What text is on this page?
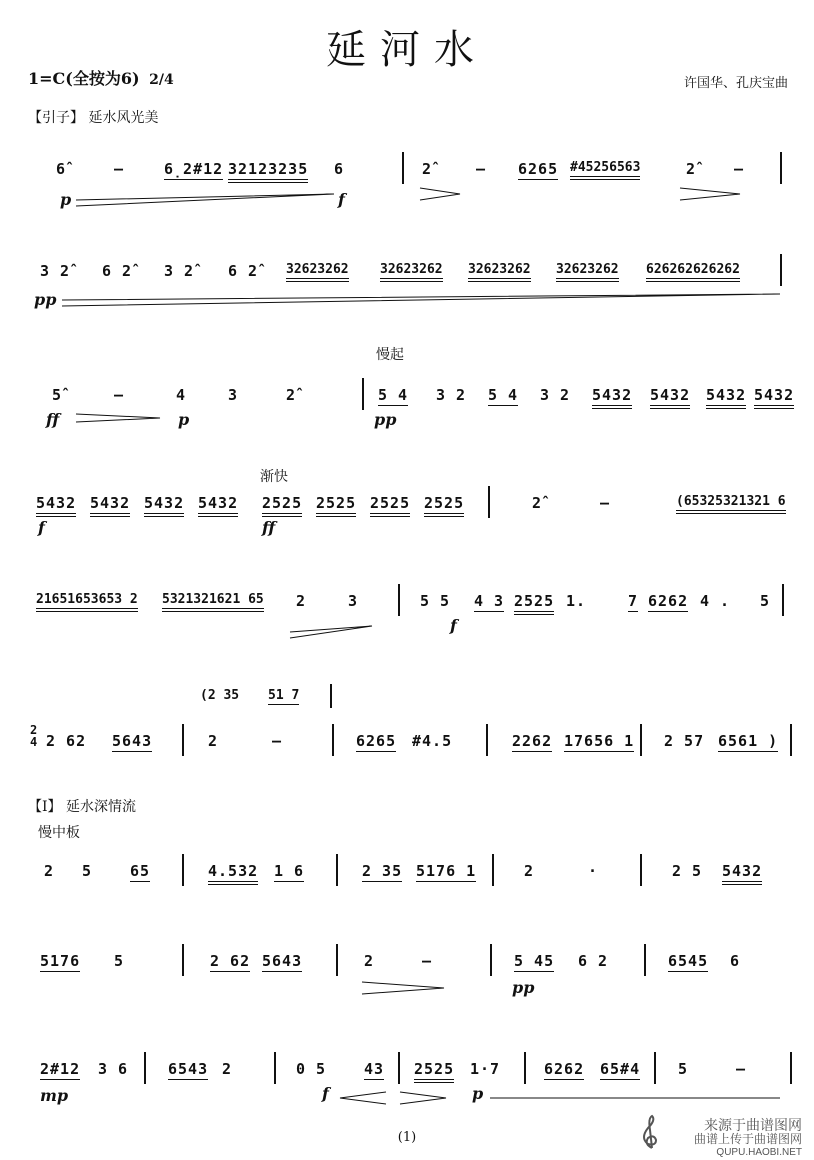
延河水
1=C(全按为6) 2/4	许国华、孔庆宝曲
【引子】 延水风光美
慢起
渐快
【I】 延水深情流
慢中板
6̂	–	6̣2#12 32123235 6	2̂	– 6265 #45256563	2̂	–
p	f
3 2̂ 6 2̂ 3 2̂ 6 2̂ 32623262 32623262 32623262 32623262 626262626262
pp
5̂	–	4	3	2̂	5 4 3 2 5 4 3 2 5432 5432 5432 5432
ff	p	pp
5432 5432 5432 5432 2525 2525 2525 2525	2̂	–	(65325321321 6
f	ff
21651653653 2 5321321621 65 2	3	5 5 4 3 2525 1.	7 6262 4 . 5
f
(2 35 51 7
2
4 2 62 5643	2	–	6265 #4.5	2262 17656 1 2 57 6561 )
2 5	65	4.532 1 6	2 35 5176 1	2	·	2 5 5432
5176 5	2 62 5643	2	–	5 45 6 2	6545 6
pp
2#12 3 6	6543 2	0 5	43 2525 1·7	6262 65#4	5	–
mp	f	p
(1)
来源于曲谱图网
曲谱上传于曲谱图网
QUPU.HAOBI.NET
